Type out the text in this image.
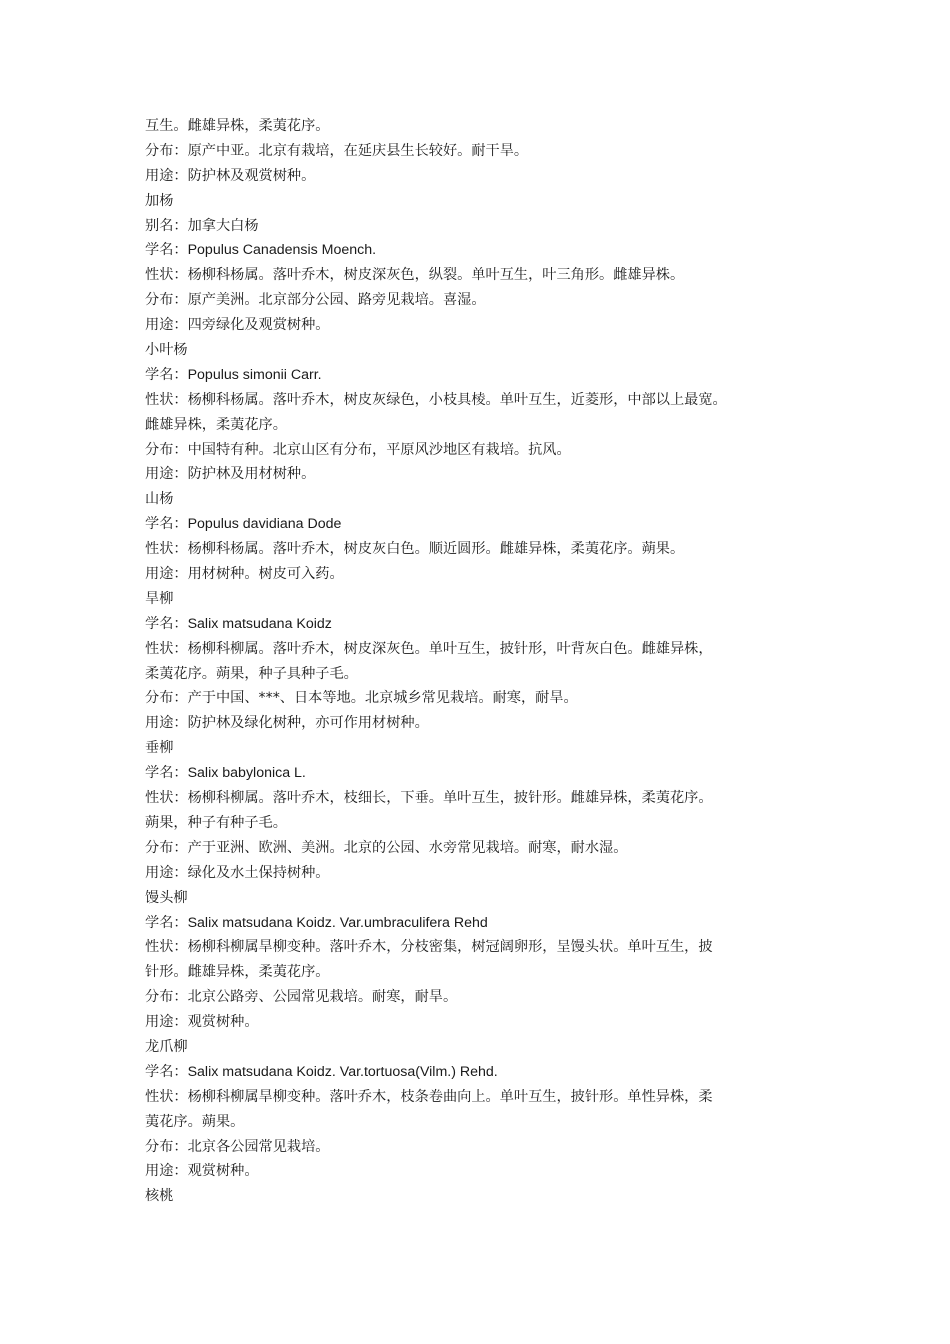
互生。雌雄异株，柔荑花序。
分布：原产中亚。北京有栽培，在延庆县生长较好。耐干旱。
用途：防护林及观赏树种。
加杨
别名：加拿大白杨
学名：Populus Canadensis Moench.
性状：杨柳科杨属。落叶乔木，树皮深灰色，纵裂。单叶互生，叶三角形。雌雄异株。
分布：原产美洲。北京部分公园、路旁见栽培。喜湿。
用途：四旁绿化及观赏树种。
小叶杨
学名：Populus simonii Carr.
性状：杨柳科杨属。落叶乔木，树皮灰绿色，小枝具棱。单叶互生，近菱形，中部以上最宽。
雌雄异株，柔荑花序。
分布：中国特有种。北京山区有分布，平原风沙地区有栽培。抗风。
用途：防护林及用材树种。
山杨
学名：Populus davidiana Dode
性状：杨柳科杨属。落叶乔木，树皮灰白色。顺近圆形。雌雄异株，柔荑花序。蒴果。
用途：用材树种。树皮可入药。
旱柳
学名：Salix matsudana Koidz
性状：杨柳科柳属。落叶乔木，树皮深灰色。单叶互生，披针形，叶背灰白色。雌雄异株，
柔荑花序。蒴果，种子具种子毛。
分布：产于中国、***、日本等地。北京城乡常见栽培。耐寒，耐旱。
用途：防护林及绿化树种，亦可作用材树种。
垂柳
学名：Salix babylonica L.
性状：杨柳科柳属。落叶乔木，枝细长，下垂。单叶互生，披针形。雌雄异株，柔荑花序。
蒴果，种子有种子毛。
分布：产于亚洲、欧洲、美洲。北京的公园、水旁常见栽培。耐寒，耐水湿。
用途：绿化及水土保持树种。
馒头柳
学名：Salix matsudana Koidz. Var.umbraculifera Rehd
性状：杨柳科柳属旱柳变种。落叶乔木，分枝密集，树冠阔卵形，呈馒头状。单叶互生，披
针形。雌雄异株，柔荑花序。
分布：北京公路旁、公园常见栽培。耐寒，耐旱。
用途：观赏树种。
龙爪柳
学名：Salix matsudana Koidz. Var.tortuosa(Vilm.) Rehd.
性状：杨柳科柳属旱柳变种。落叶乔木，枝条卷曲向上。单叶互生，披针形。单性异株，柔
荑花序。蒴果。
分布：北京各公园常见栽培。
用途：观赏树种。
核桃
